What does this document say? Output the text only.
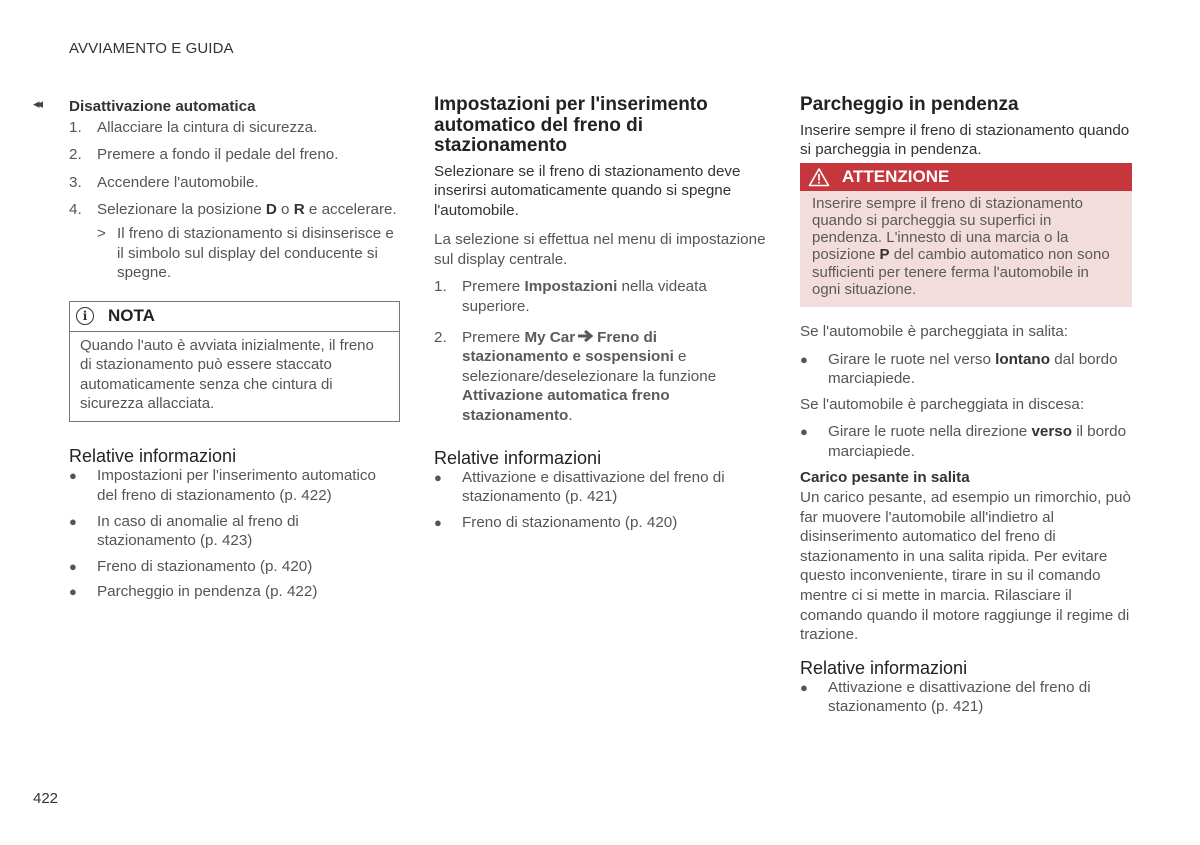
AVVIAMENTO E GUIDA
◂◂ Disattivazione automatica

1. Allacciare la cintura di sicurezza.
2. Premere a fondo il pedale del freno.
3. Accendere l'automobile.
4. Selezionare la posizione D o R e accelerare.
> Il freno di stazionamento si disinserisce e il simbolo sul display del conducente si spegne.
i	NOTA
Quando l'auto è avviata inizialmente, il freno di stazionamento può essere staccato automaticamente senza che cintura di sicurezza allacciata.

Relative informazioni

● Impostazioni per l'inserimento automatico del freno di stazionamento (p. 422)
● In caso di anomalie al freno di stazionamento (p. 423)
● Freno di stazionamento (p. 420)
● Parcheggio in pendenza (p. 422)

Impostazioni per l'inserimento automatico del freno di stazionamento

Selezionare se il freno di stazionamento deve inserirsi automaticamente quando si spegne l'automobile.

La selezione si effettua nel menu di impostazione sul display centrale.

1. Premere Impostazioni nella videata superiore.
2. Premere My Car Freno di stazionamento e sospensioni e selezionare/deselezionare la funzione Attivazione automatica freno stazionamento.

Relative informazioni

● Attivazione e disattivazione del freno di stazionamento (p. 421)
● Freno di stazionamento (p. 420)

Parcheggio in pendenza

Inserire sempre il freno di stazionamento quando si parcheggia in pendenza.

ATTENZIONE
Inserire sempre il freno di stazionamento quando si parcheggia su superfici in pendenza. L'innesto di una marcia o la posizione P del cambio automatico non sono sufficienti per tenere ferma l'automobile in ogni situazione.

Se l'automobile è parcheggiata in salita:

● Girare le ruote nel verso lontano dal bordo marciapiede.

Se l'automobile è parcheggiata in discesa:

● Girare le ruote nella direzione verso il bordo marciapiede.

Carico pesante in salita

Un carico pesante, ad esempio un rimorchio, può far muovere l'automobile all'indietro al disinserimento automatico del freno di stazionamento in una salita ripida. Per evitare questo inconveniente, tirare in su il comando mentre ci si mette in marcia. Rilasciare il comando quando il motore raggiunge il regime di trazione.

Relative informazioni

● Attivazione e disattivazione del freno di stazionamento (p. 421)
422
